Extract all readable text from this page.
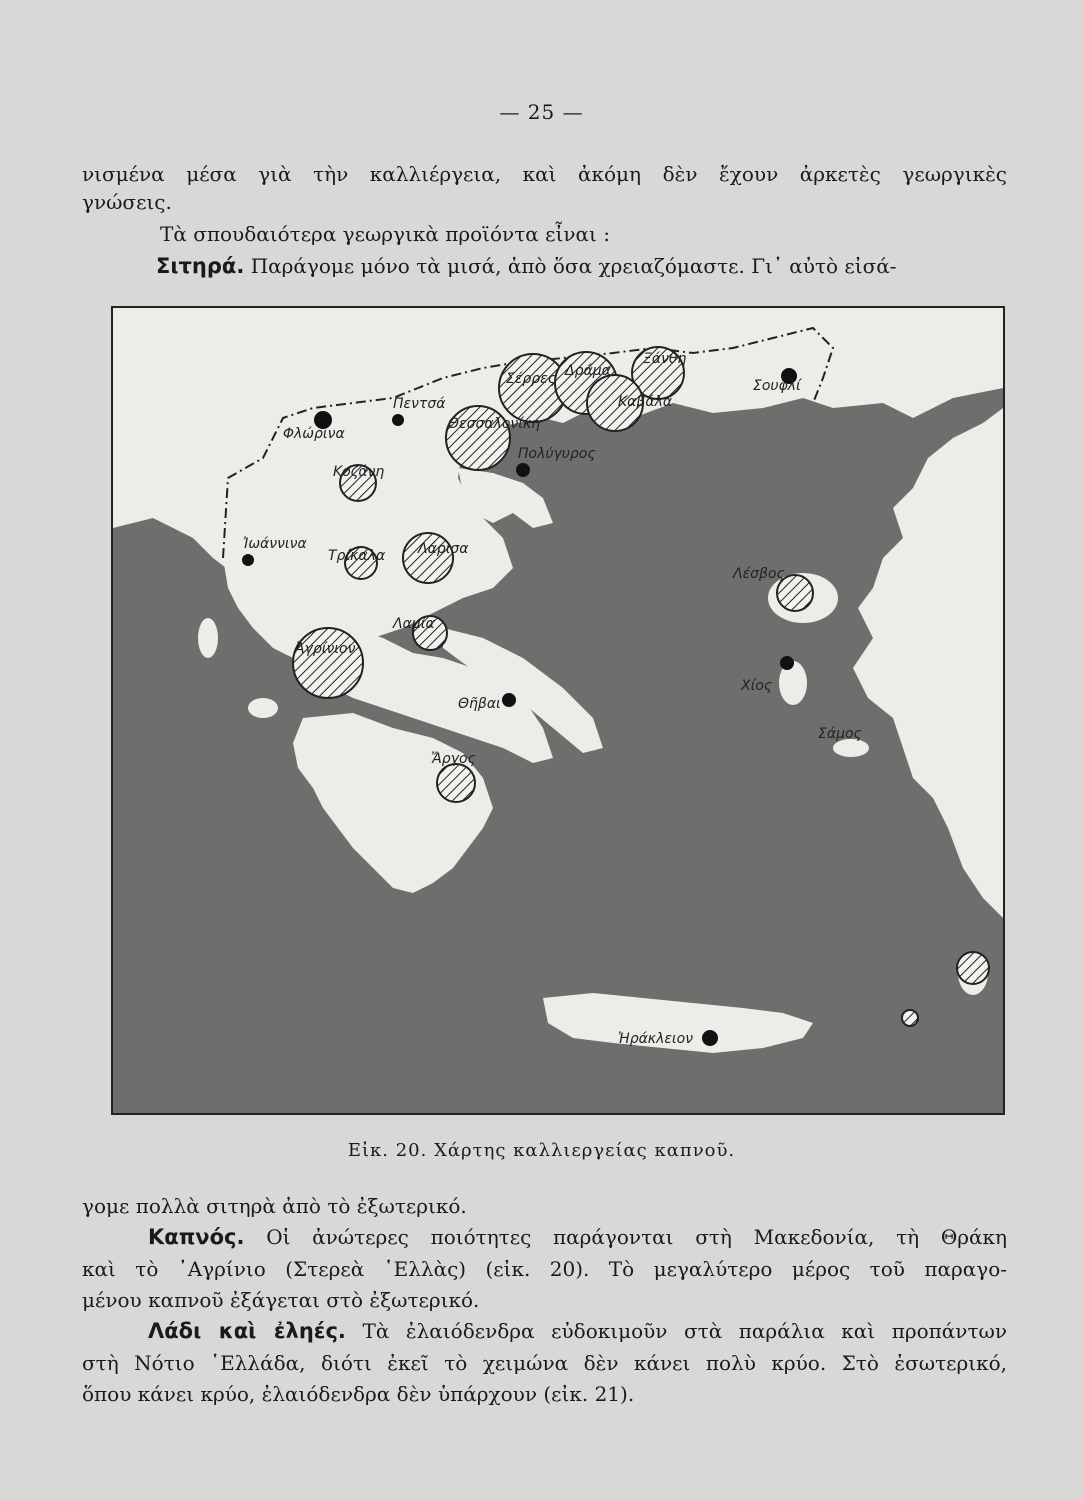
— 25 —
νισμένα μέσα γιὰ τὴν καλλιέργεια, καὶ ἀκόμη δὲν ἔχουν ἀρκετὲς γεωργικὲς
γνώσεις.
Τὰ σπουδαιότερα γεωργικὰ προϊόντα εἶναι :
Σιτηρά. Παράγομε μόνο τὰ μισά, ἀπὸ ὅσα χρειαζόμαστε. Γι᾽ αὐτὸ εἰσά-
Φλώρινα
Πεντσά
Δράμα
Σέρρες
Ξάνθη
Καβάλα
Σουφλί
Θεσσαλονίκη
Πολύγυρος
Κοζάνη
Ἰωάννινα
Τρίκαλα Λάρισα
Λαμία
Ἀγρίνιον
Θῆβαι
Ἄργος
Λέσβος
Χίος
Σάμος
Ἡράκλειον
Εἰκ. 20. Χάρτης καλλιεργείας καπνοῦ.
γομε πολλὰ σιτηρὰ ἀπὸ τὸ ἐξωτερικό.
Καπνός. Οἱ ἀνώτερες ποιότητες παράγονται στὴ Μακεδονία, τὴ Θράκη
καὶ τὸ ᾽Αγρίνιο (Στερεὰ ῾Ελλὰς) (εἰκ. 20). Τὸ μεγαλύτερο μέρος τοῦ παραγο-
μένου καπνοῦ ἐξάγεται στὸ ἐξωτερικό.
Λάδι καὶ ἐληές. Τὰ ἐλαιόδενδρα εὐδοκιμοῦν στὰ παράλια καὶ προπάντων
στὴ Νότιο ῾Ελλάδα, διότι ἐκεῖ τὸ χειμώνα δὲν κάνει πολὺ κρύο. Στὸ ἐσωτερικό,
ὅπου κάνει κρύο, ἐλαιόδενδρα δὲν ὑπάρχουν (εἰκ. 21).
